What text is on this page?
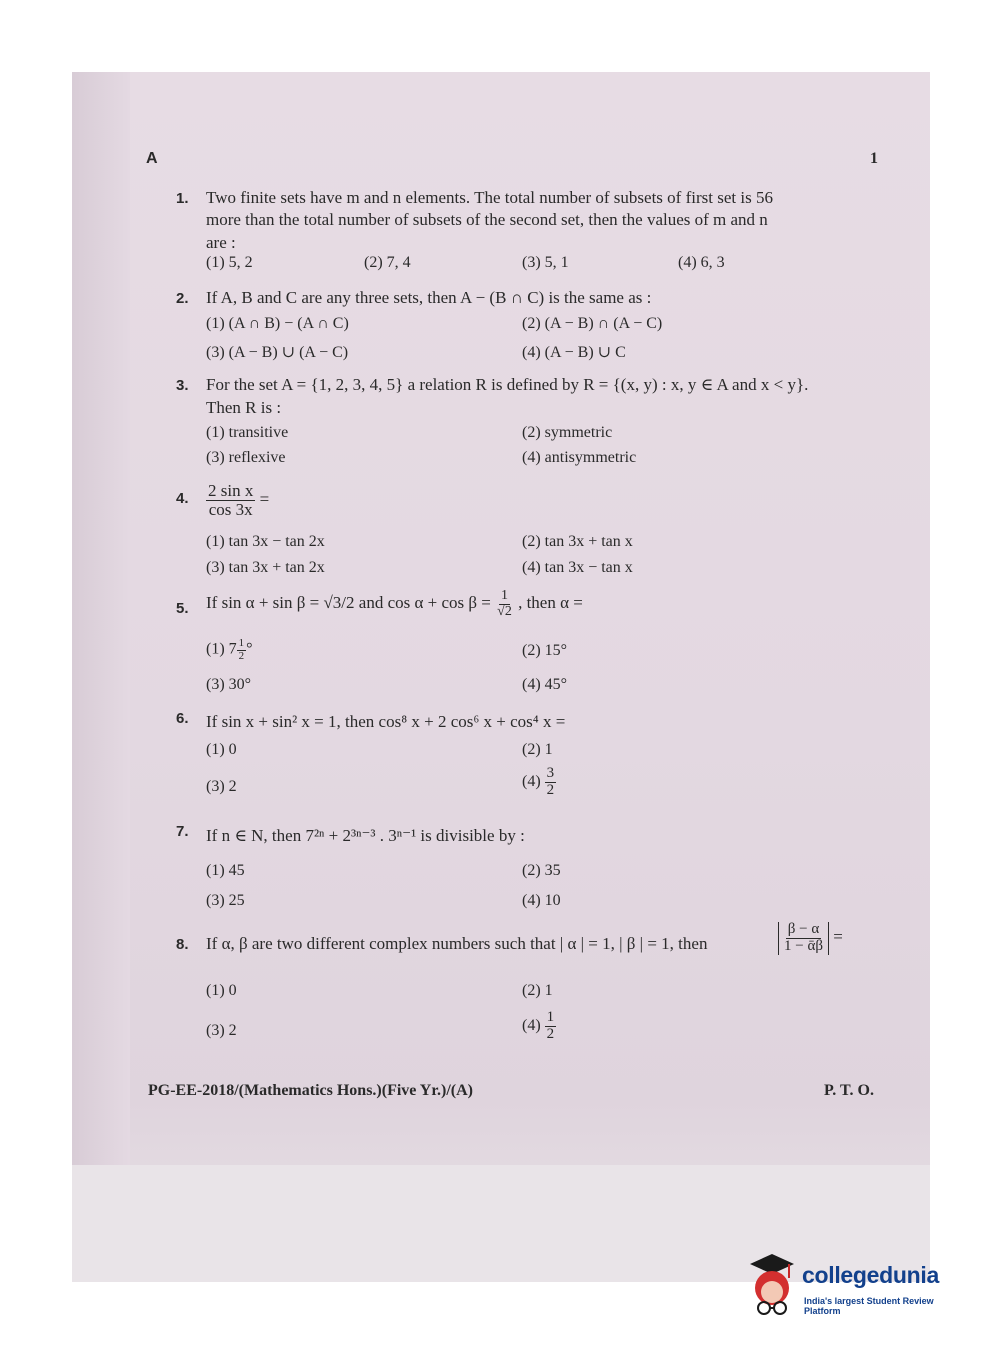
A	1
1. Two finite sets have m and n elements. The total number of subsets of first set is 56
more than the total number of subsets of the second set, then the values of m and n
are :
(1) 5, 2	(2) 7, 4	(3) 5, 1	(4) 6, 3
2. If A, B and C are any three sets, then A − (B ∩ C) is the same as :
(1) (A ∩ B) − (A ∩ C)	(2) (A − B) ∩ (A − C)
(3) (A − B) ∪ (A − C)	(4) (A − B) ∪ C
3. For the set A = {1, 2, 3, 4, 5} a relation R is defined by R = {(x, y) : x, y ∈ A and x < y}.
Then R is :
(1) transitive	(2) symmetric
(3) reflexive	(4) antisymmetric
4. $\frac{\text{2 sin x}}{\cos 3x}$ =
(1) tan 3x − tan 2x	(2) tan 3x + tan x
(3) tan 3x + tan 2x	(4) tan 3x − tan x
5. If sin α + sin β = √3/2 and $\cos \alpha + \cos \beta = \frac{1}{√2}$ , then α =
(1) $7 \frac{1}{2}$ °	(2) 15°
(3) 30°	(4) 45°
6. If sin x + sin² x = 1, then cos⁸ x + 2 cos⁶ x + cos⁴ x =
(1) 0	(2) 1
(3) 2	$(4) \frac{3}{2}$
7. If n ∈ N, then 7²ⁿ + 2³ⁿ⁻³ . 3ⁿ⁻¹ is divisible by :
(1) 45	(2) 35
(3) 25	(4) 10
8. If α, β are two different complex numbers such that | α | = 1, | β | = 1, then	$\frac{\beta - \alpha}{\text{1 − ᾱβ}}$ =
(1) 0	(2) 1
(3) 2	$(4) \frac{1}{2}$
PG-EE-2018/(Mathematics Hons.)(Five Yr.)/(A)	P. T. O.
collegedunia
India's largest Student Review Platform
